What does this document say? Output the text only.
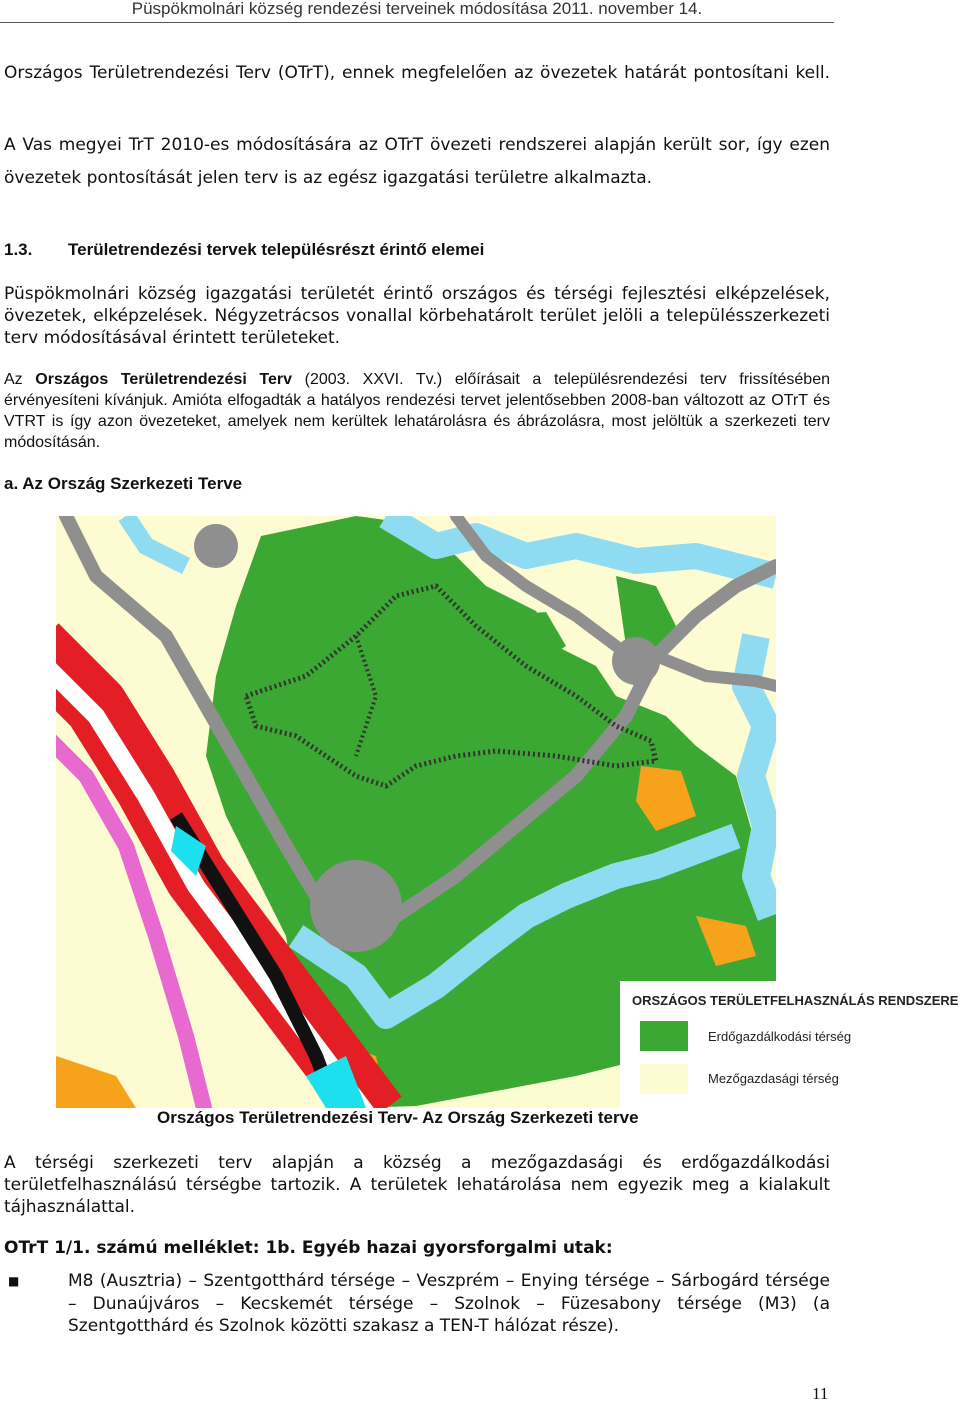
Püspökmolnári község rendezési terveinek módosítása 2011. november 14.

Országos Területrendezési Terv (OTrT), ennek megfelelően az övezetek határát pontosítani kell.

A Vas megyei TrT 2010-es módosítására az OTrT övezeti rendszerei alapján került sor, így ezen övezetek pontosítását jelen terv is az egész igazgatási területre alkalmazta.

1.3. Területrendezési tervek településrészt érintő elemei

Püspökmolnári község igazgatási területét érintő országos és térségi fejlesztési elképzelések, övezetek, elképzelések. Négyzetrácsos vonallal körbehatárolt terület jelöli a településszerkezeti terv módosításával érintett területeket.

Az Országos Területrendezési Terv (2003. XXVI. Tv.) előírásait a településrendezési terv frissítésében érvényesíteni kívánjuk. Amióta elfogadták a hatályos rendezési tervet jelentősebben 2008-ban változott az OTrT és VTRT is így azon övezeteket, amelyek nem kerültek lehatárolásra és ábrázolásra, most jelöltük a szerkezeti terv módosításán.

a. Az Ország Szerkezeti Terve
ORSZÁGOS TERÜLETFELHASZNÁLÁS RENDSZERE
Erdőgazdálkodási térség
Mezőgazdasági térség
Országos Területrendezési Terv- Az Ország Szerkezeti terve

A térségi szerkezeti terv alapján a község a mezőgazdasági és erdőgazdálkodási területfelhasználású térségbe tartozik. A területek lehatárolása nem egyezik meg a kialakult tájhasználattal.

OTrT 1/1. számú melléklet: 1b. Egyéb hazai gyorsforgalmi utak:
■	M8 (Ausztria) – Szentgotthárd térsége – Veszprém – Enying térsége – Sárbogárd térsége – Dunaújváros – Kecskemét térsége – Szolnok – Füzesabony térsége (M3) (a Szentgotthárd és Szolnok közötti szakasz a TEN-T hálózat része).
11
